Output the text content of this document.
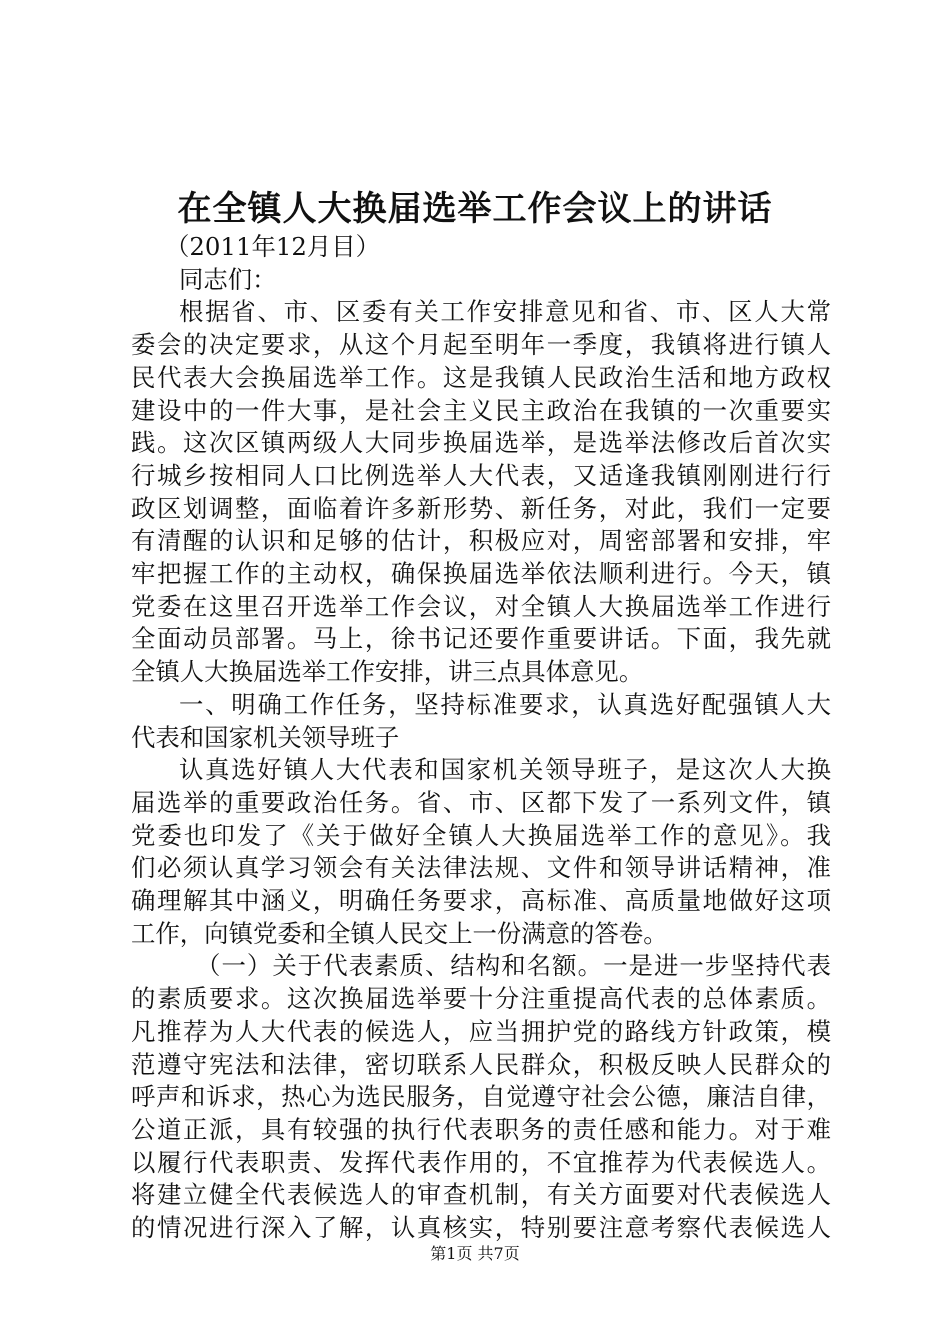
在全镇人大换届选举工作会议上的讲话
（2011年12月目）
同志们：
根据省、市、区委有关工作安排意见和省、市、区人大常
委会的决定要求，从这个月起至明年一季度，我镇将进行镇人
民代表大会换届选举工作。这是我镇人民政治生活和地方政权
建设中的一件大事，是社会主义民主政治在我镇的一次重要实
践。这次区镇两级人大同步换届选举，是选举法修改后首次实
行城乡按相同人口比例选举人大代表，又适逢我镇刚刚进行行
政区划调整，面临着许多新形势、新任务，对此，我们一定要
有清醒的认识和足够的估计，积极应对，周密部署和安排，牢
牢把握工作的主动权，确保换届选举依法顺利进行。今天，镇
党委在这里召开选举工作会议，对全镇人大换届选举工作进行
全面动员部署。马上，徐书记还要作重要讲话。下面，我先就
全镇人大换届选举工作安排，讲三点具体意见。
一、明确工作任务，坚持标准要求，认真选好配强镇人大
代表和国家机关领导班子
认真选好镇人大代表和国家机关领导班子，是这次人大换
届选举的重要政治任务。省、市、区都下发了一系列文件，镇
党委也印发了《关于做好全镇人大换届选举工作的意见》。我
们必须认真学习领会有关法律法规、文件和领导讲话精神，准
确理解其中涵义，明确任务要求，高标准、高质量地做好这项
工作，向镇党委和全镇人民交上一份满意的答卷。
（一）关于代表素质、结构和名额。一是进一步坚持代表
的素质要求。这次换届选举要十分注重提高代表的总体素质。
凡推荐为人大代表的候选人，应当拥护党的路线方针政策，模
范遵守宪法和法律，密切联系人民群众，积极反映人民群众的
呼声和诉求，热心为选民服务，自觉遵守社会公德，廉洁自律，
公道正派，具有较强的执行代表职务的责任感和能力。对于难
以履行代表职责、发挥代表作用的，不宜推荐为代表候选人。
将建立健全代表候选人的审查机制，有关方面要对代表候选人
的情况进行深入了解，认真核实，特别要注意考察代表候选人
第1页 共7页
